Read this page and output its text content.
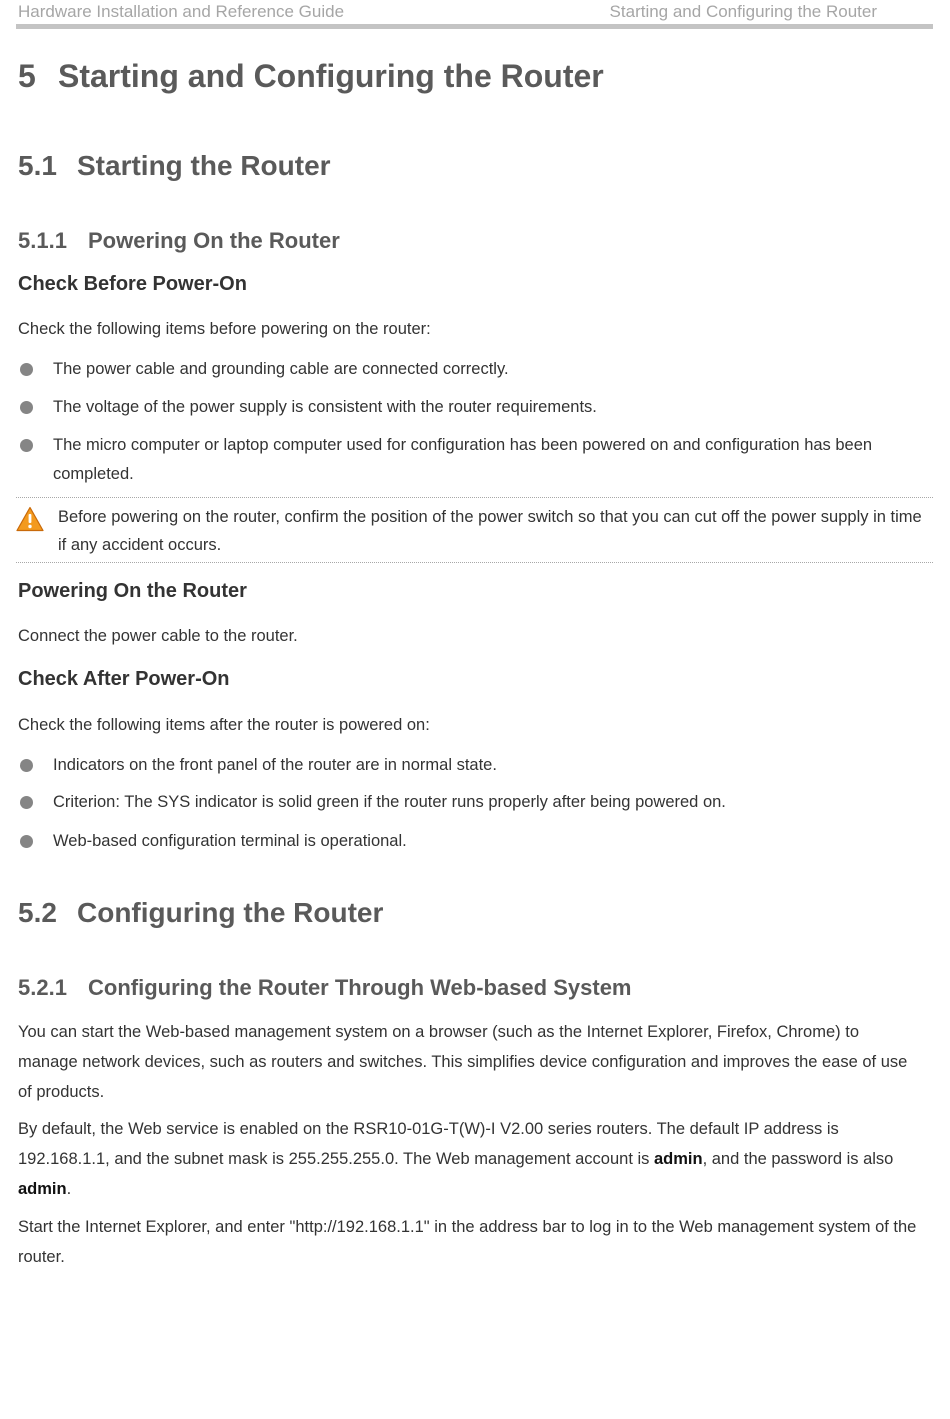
Hardware Installation and Reference Guide	Starting and Configuring the Router
5 Starting and Configuring the Router
5.1 Starting the Router
5.1.1 Powering On the Router
Check Before Power-On
Check the following items before powering on the router:
The power cable and grounding cable are connected correctly.
The voltage of the power supply is consistent with the router requirements.
The micro computer or laptop computer used for configuration has been powered on and configuration has been completed.
Before powering on the router, confirm the position of the power switch so that you can cut off the power supply in time if any accident occurs.
Powering On the Router
Connect the power cable to the router.
Check After Power-On
Check the following items after the router is powered on:
Indicators on the front panel of the router are in normal state.
Criterion: The SYS indicator is solid green if the router runs properly after being powered on.
Web-based configuration terminal is operational.
5.2 Configuring the Router
5.2.1 Configuring the Router Through Web-based System
You can start the Web-based management system on a browser (such as the Internet Explorer, Firefox, Chrome) to manage network devices, such as routers and switches. This simplifies device configuration and improves the ease of use of products.
By default, the Web service is enabled on the RSR10-01G-T(W)-I V2.00 series routers. The default IP address is 192.168.1.1, and the subnet mask is 255.255.255.0. The Web management account is admin, and the password is also admin.
Start the Internet Explorer, and enter "http://192.168.1.1" in the address bar to log in to the Web management system of the router.
